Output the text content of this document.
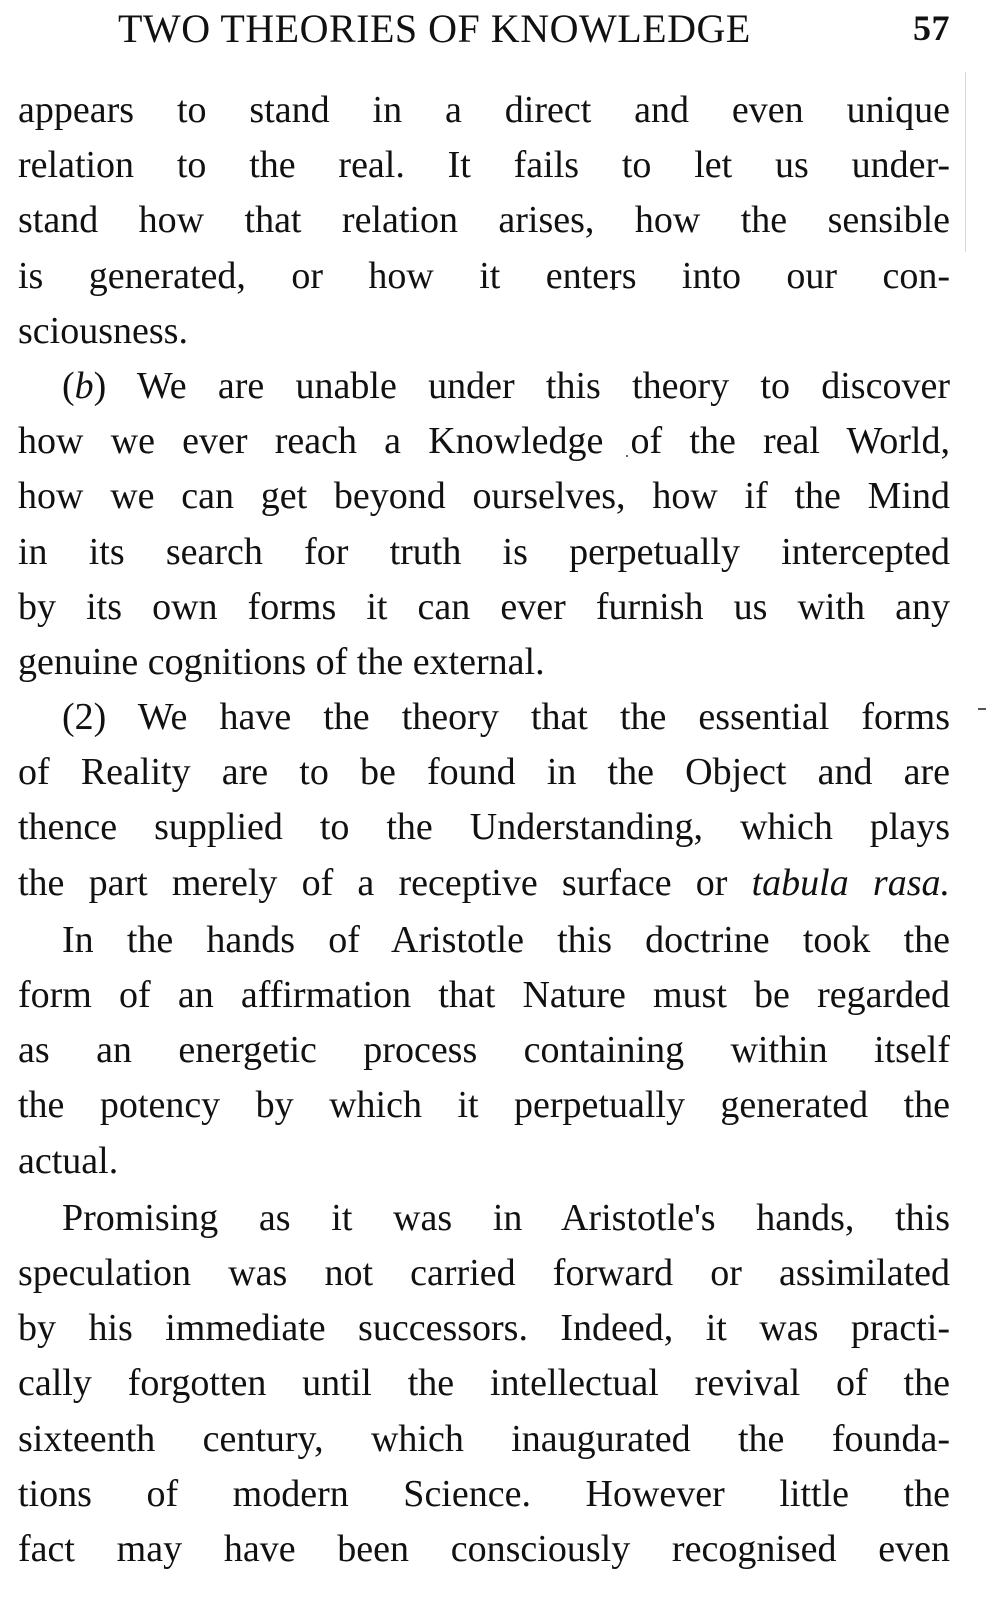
TWO THEORIES OF KNOWLEDGE	57
appears to stand in a direct and even unique
relation to the real. It fails to let us under-
stand how that relation arises, how the sensible
is generated, or how it enters into our con-
sciousness.
(b) We are unable under this theory to discover
how we ever reach a Knowledge of the real World,
how we can get beyond ourselves, how if the Mind
in its search for truth is perpetually intercepted
by its own forms it can ever furnish us with any
genuine cognitions of the external.
(2) We have the theory that the essential forms
of Reality are to be found in the Object and are
thence supplied to the Understanding, which plays
the part merely of a receptive surface or tabula rasa.
In the hands of Aristotle this doctrine took the
form of an affirmation that Nature must be regarded
as an energetic process containing within itself
the potency by which it perpetually generated the
actual.
Promising as it was in Aristotle's hands, this
speculation was not carried forward or assimilated
by his immediate successors. Indeed, it was practi-
cally forgotten until the intellectual revival of the
sixteenth century, which inaugurated the founda-
tions of modern Science. However little the
fact may have been consciously recognised even
